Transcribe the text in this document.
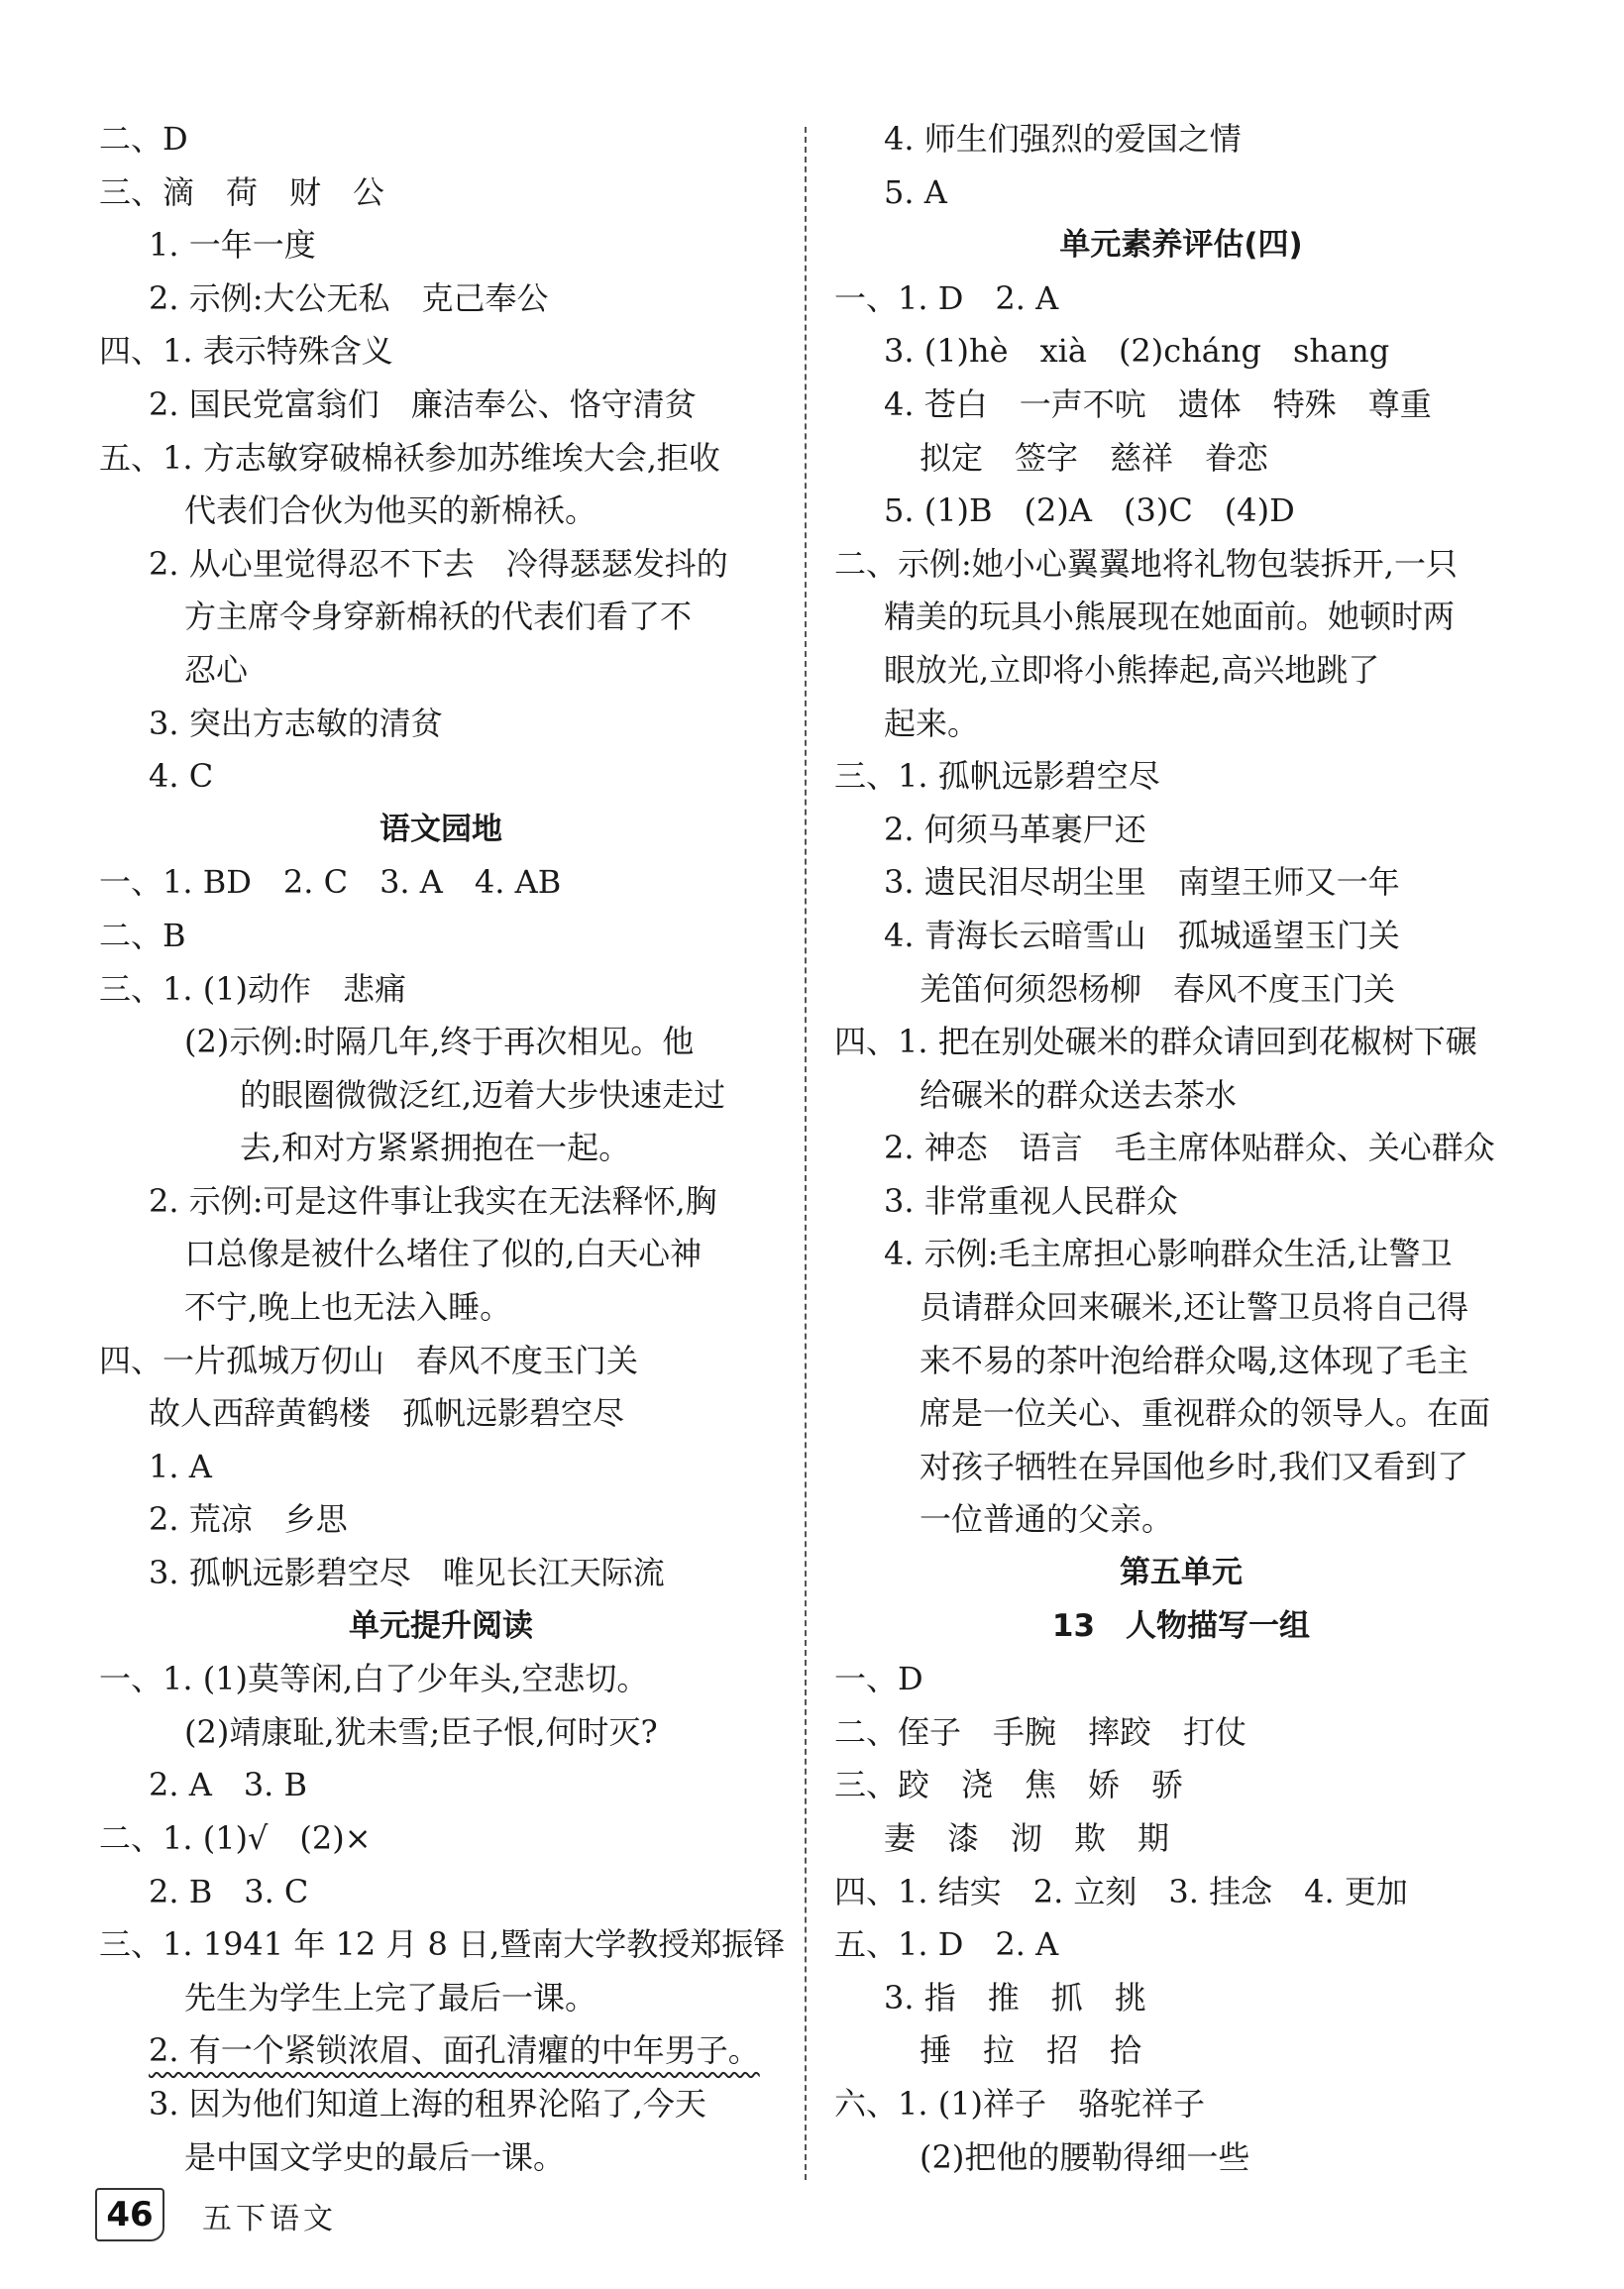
二、D
三、滴　荷　财　公
1. 一年一度
2. 示例:大公无私　克己奉公
四、1. 表示特殊含义
2. 国民党富翁们　廉洁奉公、恪守清贫
五、1. 方志敏穿破棉袄参加苏维埃大会,拒收
代表们合伙为他买的新棉袄。
2. 从心里觉得忍不下去　冷得瑟瑟发抖的
方主席令身穿新棉袄的代表们看了不
忍心
3. 突出方志敏的清贫
4. C
语文园地
一、1. BD　2. C　3. A　4. AB
二、B
三、1. (1)动作　悲痛
(2)示例:时隔几年,终于再次相见。他
的眼圈微微泛红,迈着大步快速走过
去,和对方紧紧拥抱在一起。
2. 示例:可是这件事让我实在无法释怀,胸
口总像是被什么堵住了似的,白天心神
不宁,晚上也无法入睡。
四、一片孤城万仞山　春风不度玉门关
故人西辞黄鹤楼　孤帆远影碧空尽
1. A
2. 荒凉　乡思
3. 孤帆远影碧空尽　唯见长江天际流
单元提升阅读
一、1. (1)莫等闲,白了少年头,空悲切。
(2)靖康耻,犹未雪;臣子恨,何时灭?
2. A　3. B
二、1. (1)√　(2)×
2. B　3. C
三、1. 1941 年 12 月 8 日,暨南大学教授郑振铎
先生为学生上完了最后一课。
2. 有一个紧锁浓眉、面孔清癯的中年男子。
3. 因为他们知道上海的租界沦陷了,今天
是中国文学史的最后一课。
4. 师生们强烈的爱国之情
5. A
单元素养评估(四)
一、1. D　2. A
3. (1)hè　xià　(2)cháng　shang
4. 苍白　一声不吭　遗体　特殊　尊重
拟定　签字　慈祥　眷恋
5. (1)B　(2)A　(3)C　(4)D
二、示例:她小心翼翼地将礼物包装拆开,一只
精美的玩具小熊展现在她面前。她顿时两
眼放光,立即将小熊捧起,高兴地跳了
起来。
三、1. 孤帆远影碧空尽
2. 何须马革裹尸还
3. 遗民泪尽胡尘里　南望王师又一年
4. 青海长云暗雪山　孤城遥望玉门关
羌笛何须怨杨柳　春风不度玉门关
四、1. 把在别处碾米的群众请回到花椒树下碾
给碾米的群众送去茶水
2. 神态　语言　毛主席体贴群众、关心群众
3. 非常重视人民群众
4. 示例:毛主席担心影响群众生活,让警卫
员请群众回来碾米,还让警卫员将自己得
来不易的茶叶泡给群众喝,这体现了毛主
席是一位关心、重视群众的领导人。在面
对孩子牺牲在异国他乡时,我们又看到了
一位普通的父亲。
第五单元
13　人物描写一组
一、D
二、侄子　手腕　摔跤　打仗
三、跤　浇　焦　娇　骄
妻　漆　沏　欺　期
四、1. 结实　2. 立刻　3. 挂念　4. 更加
五、1. D　2. A
3. 指　推　抓　挑
捶　拉　招　拾
六、1. (1)祥子　骆驼祥子
(2)把他的腰勒得细一些
46	五下语文
